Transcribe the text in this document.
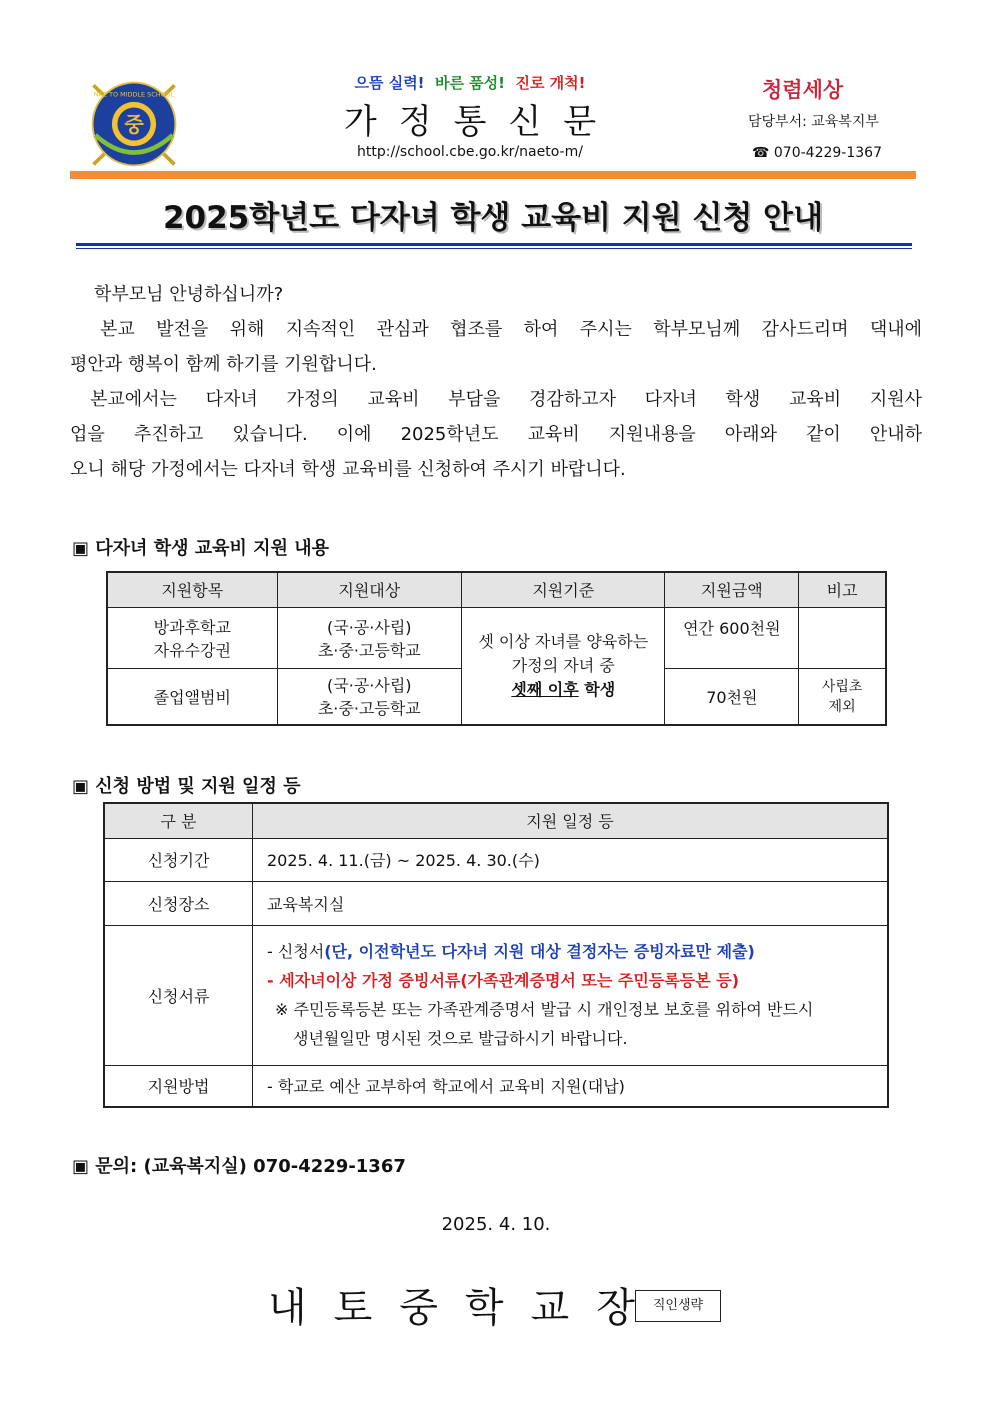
중
NAE TO MIDDLE SCHOOL
으뜸 실력! 바른 품성! 진로 개척!
가정통신문
http://school.cbe.go.kr/naeto-m/
청렴세상
담당부서: 교육복지부
☎ 070-4229-1367
2025학년도 다자녀 학생 교육비 지원 신청 안내
학부모님 안녕하십니까?
본교 발전을 위해 지속적인 관심과 협조를 하여 주시는 학부모님께 감사드리며 댁내에
평안과 행복이 함께 하기를 기원합니다.
본교에서는 다자녀 가정의 교육비 부담을 경감하고자 다자녀 학생 교육비 지원사
업을 추진하고 있습니다. 이에 2025학년도 교육비 지원내용을 아래와 같이 안내하
오니 해당 가정에서는 다자녀 학생 교육비를 신청하여 주시기 바랍니다.
▣ 다자녀 학생 교육비 지원 내용
지원항목	지원대상	지원기준	지원금액	비고
방과후학교
자유수강권	(국·공·사립)
초·중·고등학교	셋 이상 자녀를 양육하는
가정의 자녀 중
셋째 이후 학생	연간 600천원	
졸업앨범비	(국·공·사립)
초·중·고등학교		70천원	사립초
제외
▣ 신청 방법 및 지원 일정 등
구 분	지원 일정 등
신청기간	2025. 4. 11.(금) ~ 2025. 4. 30.(수)
신청장소	교육복지실
신청서류	- 신청서(단, 이전학년도 다자녀 지원 대상 결정자는 증빙자료만 제출)
- 세자녀이상 가정 증빙서류(가족관계증명서 또는 주민등록등본 등)
※ 주민등록등본 또는 가족관계증명서 발급 시 개인정보 보호를 위하여 반드시
생년월일만 명시된 것으로 발급하시기 바랍니다.

지원방법	- 학교로 예산 교부하여 학교에서 교육비 지원(대납)
▣ 문의: (교육복지실) 070-4229-1367
2025. 4. 10.
내토중학교장
직인생략
